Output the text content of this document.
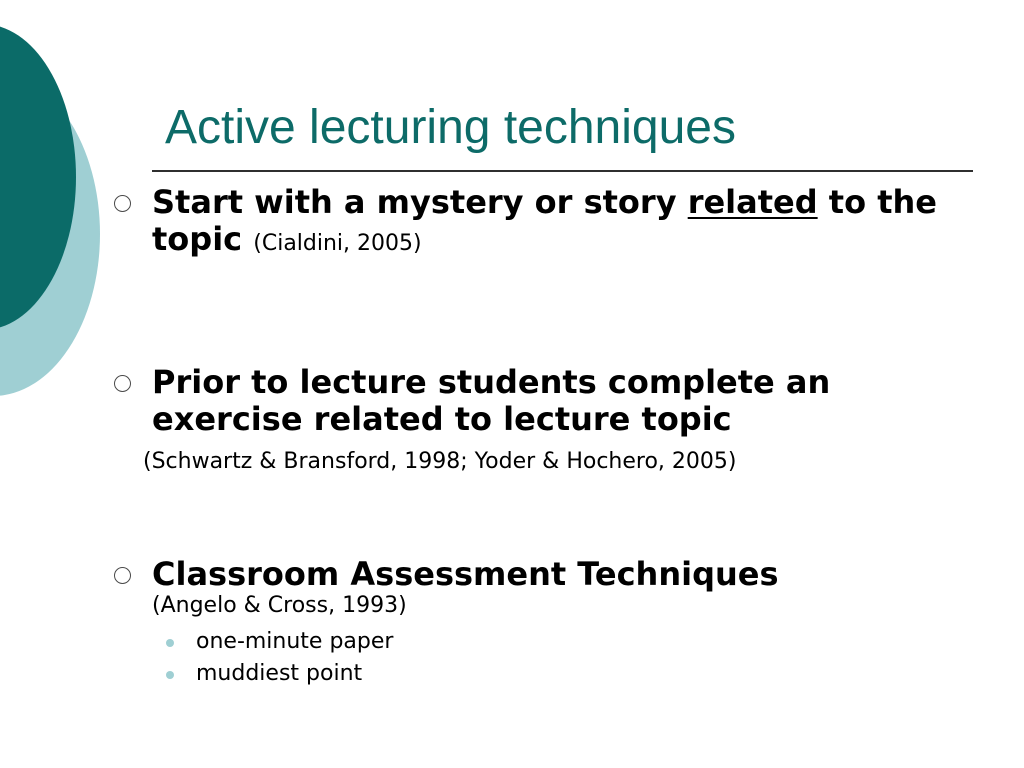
Active lecturing techniques
Start with a mystery or story related to the topic (Cialdini, 2005)
Prior to lecture students complete an exercise related to lecture topic
(Schwartz & Bransford, 1998; Yoder & Hochero, 2005)
Classroom Assessment Techniques
(Angelo & Cross, 1993)
one-minute paper
muddiest point
